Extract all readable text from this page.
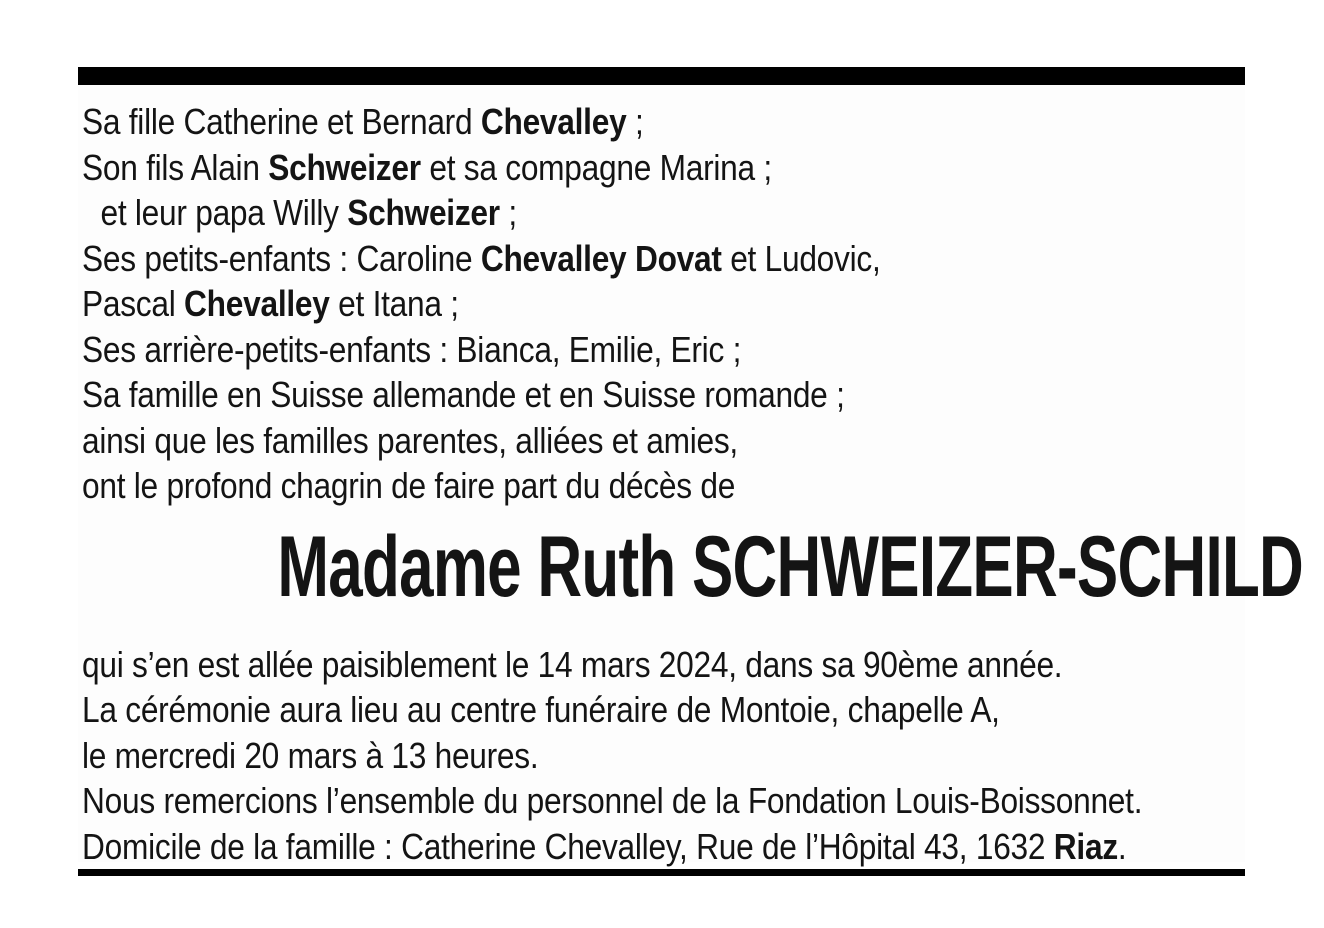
Sa fille Catherine et Bernard Chevalley ;

Son fils Alain Schweizer et sa compagne Marina ;

et leur papa Willy Schweizer ;

Ses petits-enfants : Caroline Chevalley Dovat et Ludovic,

Pascal Chevalley et Itana ;

Ses arrière-petits-enfants : Bianca, Emilie, Eric ;

Sa famille en Suisse allemande et en Suisse romande ;

ainsi que les familles parentes, alliées et amies,

ont le profond chagrin de faire part du décès de

Madame Ruth SCHWEIZER-SCHILD

qui s’en est allée paisiblement le 14 mars 2024, dans sa 90ème année.

La cérémonie aura lieu au centre funéraire de Montoie, chapelle A,

le mercredi 20 mars à 13 heures.

Nous remercions l’ensemble du personnel de la Fondation Louis-Boissonnet.

Domicile de la famille : Catherine Chevalley, Rue de l’Hôpital 43, 1632 Riaz.
